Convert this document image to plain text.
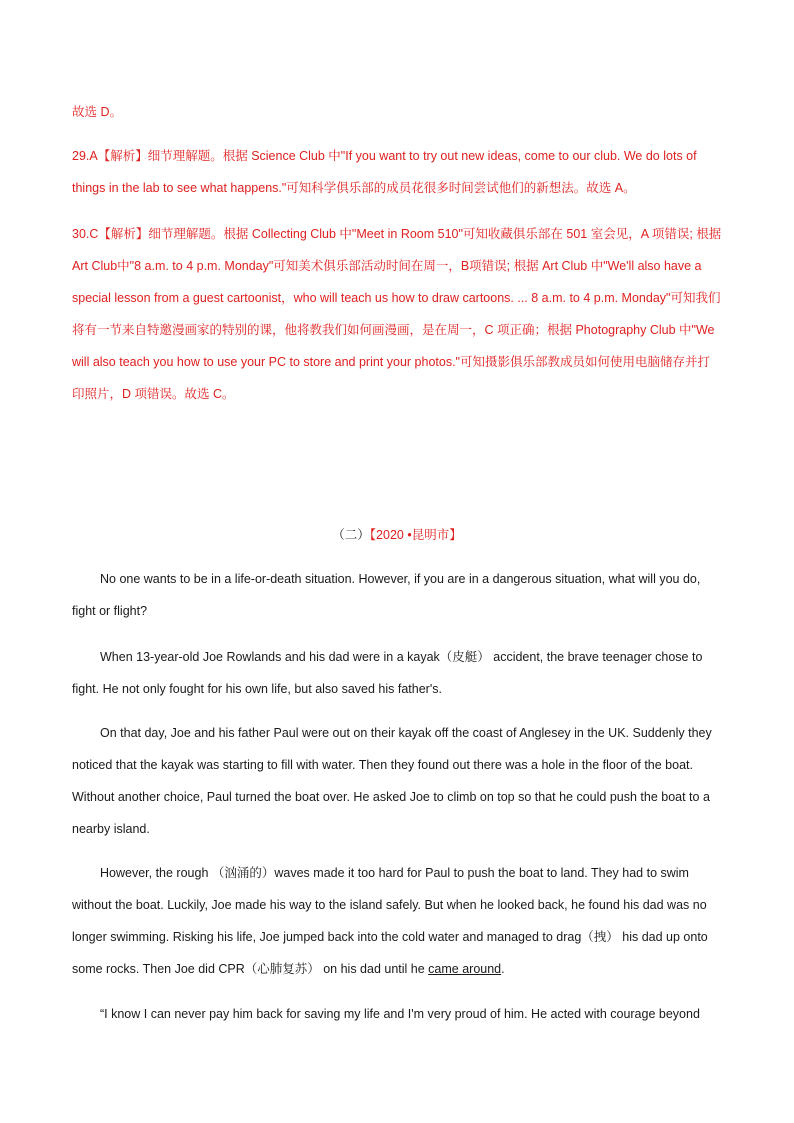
故选 D。

29.A【解析】细节理解题。根据 Science Club 中"If you want to try out new ideas, come to our club. We do lots of things in the lab to see what happens."可知科学俱乐部的成员花很多时间尝试他们的新想法。故选 A。

30.C【解析】细节理解题。根据 Collecting Club 中"Meet in Room 510"可知收藏俱乐部在 501 室会见，A 项错误; 根据 Art Club中"8 a.m. to 4 p.m. Monday"可知美术俱乐部活动时间在周一，B项错误; 根据 Art Club 中"We'll also have a special lesson from a guest cartoonist，who will teach us how to draw cartoons. ... 8 a.m. to 4 p.m. Monday"可知我们将有一节来自特邀漫画家的特别的课，他将教我们如何画漫画，是在周一，C 项正确；根据 Photography Club 中"We will also teach you how to use your PC to store and print your photos."可知摄影俱乐部教成员如何使用电脑储存并打印照片，D 项错误。故选 C。

（二）【2020 •昆明市】

No one wants to be in a life-or-death situation. However, if you are in a dangerous situation, what will you do, fight or flight?

When 13-year-old Joe Rowlands and his dad were in a kayak（皮艇） accident, the brave teenager chose to fight. He not only fought for his own life, but also saved his father's.

On that day, Joe and his father Paul were out on their kayak off the coast of Anglesey in the UK. Suddenly they noticed that the kayak was starting to fill with water. Then they found out there was a hole in the floor of the boat. Without another choice, Paul turned the boat over. He asked Joe to climb on top so that he could push the boat to a nearby island.

However, the rough （汹涌的）waves made it too hard for Paul to push the boat to land. They had to swim without the boat. Luckily, Joe made his way to the island safely. But when he looked back, he found his dad was no longer swimming. Risking his life, Joe jumped back into the cold water and managed to drag（拽） his dad up onto some rocks. Then Joe did CPR（心肺复苏） on his dad until he came around.

“I know I can never pay him back for saving my life and I'm very proud of him. He acted with courage beyond
